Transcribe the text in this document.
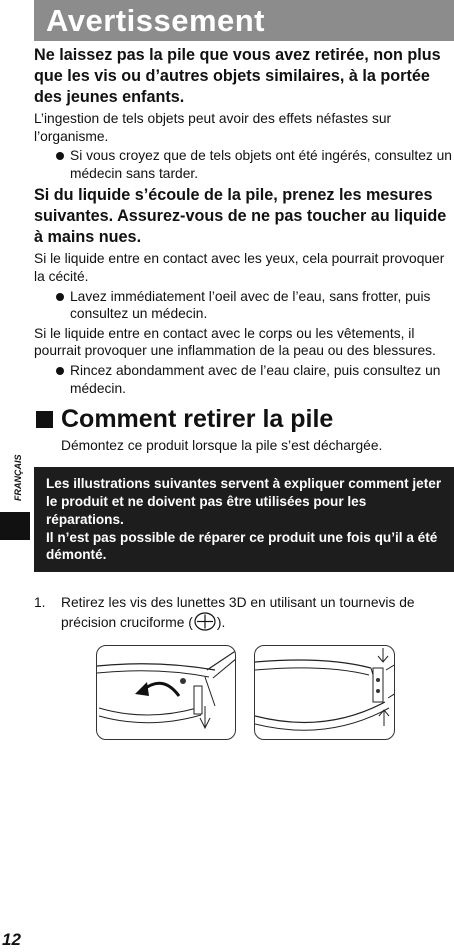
Avertissement
Ne laissez pas la pile que vous avez retirée, non plus que les vis ou d’autres objets similaires, à la portée des jeunes enfants.
L’ingestion de tels objets peut avoir des effets néfastes sur l’organisme.
Si vous croyez que de tels objets ont été ingérés, consultez un médecin sans tarder.
Si du liquide s’écoule de la pile, prenez les mesures suivantes. Assurez-vous de ne pas toucher au liquide à mains nues.
Si le liquide entre en contact avec les yeux, cela pourrait provoquer la cécité.
Lavez immédiatement l’oeil avec de l’eau, sans frotter, puis consultez un médecin.
Si le liquide entre en contact avec le corps ou les vêtements, il pourrait provoquer une inflammation de la peau ou des blessures.
Rincez abondamment avec de l’eau claire, puis consultez un médecin.
Comment retirer la pile
Démontez ce produit lorsque la pile s’est déchargée.
Les illustrations suivantes servent à expliquer comment jeter le produit et ne doivent pas être utilisées pour les réparations.
Il n’est pas possible de réparer ce produit une fois qu’il a été démonté.
1. Retirez les vis des lunettes 3D en utilisant un tournevis de précision cruciforme ( ).
FRANÇAIS
12
